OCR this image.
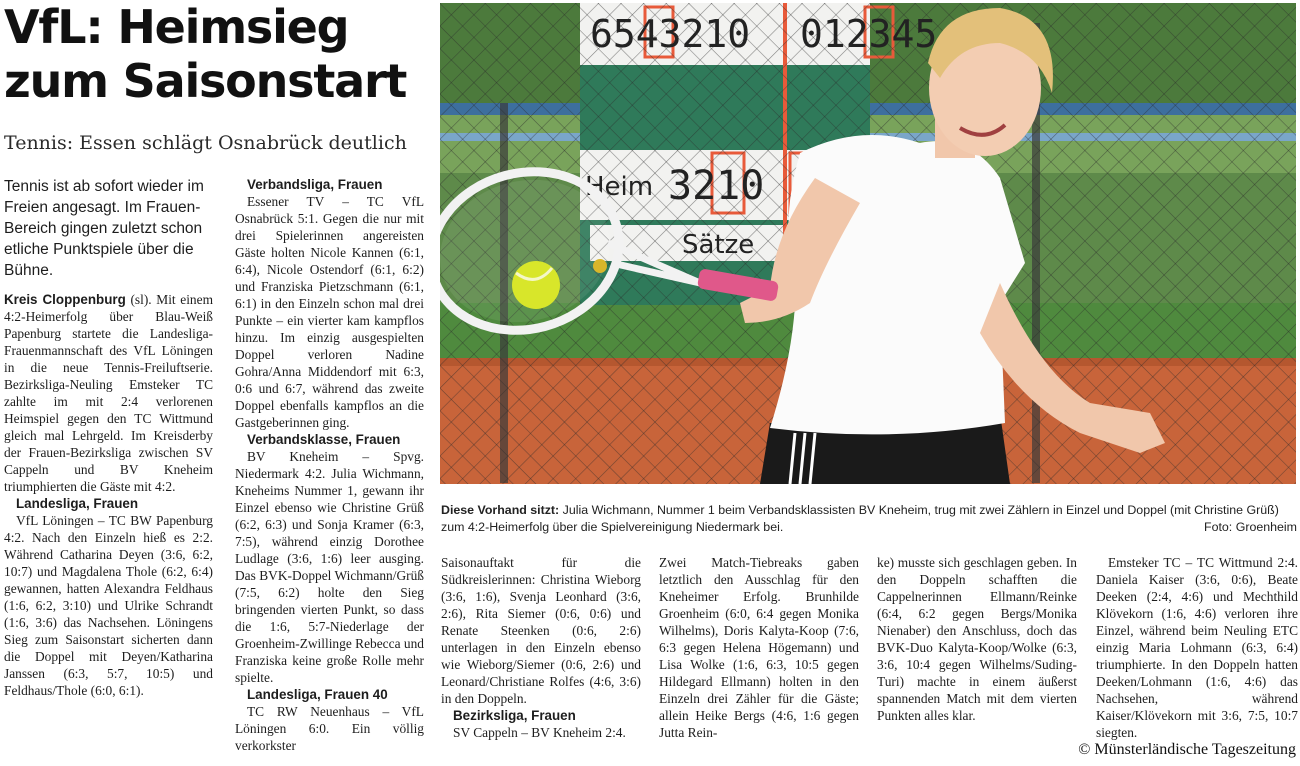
VfL: Heimsieg
zum Saisonstart
Tennis: Essen schlägt Osnabrück deutlich

Tennis ist ab sofort wieder im Freien angesagt. Im Frauen-Bereich gingen zuletzt schon etliche Punktspiele über die Bühne.

Kreis Cloppenburg (sl). Mit einem 4:2-Heimerfolg über Blau-Weiß Papenburg startete die Landesliga-Frauenmannschaft des VfL Löningen in die neue Tennis-Freiluftserie. Bezirksliga-Neuling Emsteker TC zahlte im mit 2:4 verlorenen Heimspiel gegen den TC Wittmund gleich mal Lehrgeld. Im Kreisderby der Frauen-Bezirksliga zwischen SV Cappeln und BV Kneheim triumphierten die Gäste mit 4:2.

Landesliga, Frauen

VfL Löningen – TC BW Papenburg 4:2. Nach den Einzeln hieß es 2:2. Während Catharina Deyen (3:6, 6:2, 10:7) und Magdalena Thole (6:2, 6:4) gewannen, hatten Alexandra Feldhaus (1:6, 6:2, 3:10) und Ulrike Schrandt (1:6, 3:6) das Nachsehen. Löningens Sieg zum Saisonstart sicherten dann die Doppel mit Deyen/Katharina Janssen (6:3, 5:7, 10:5) und Feldhaus/Thole (6:0, 6:1).

Verbandsliga, Frauen

Essener TV – TC VfL Osnabrück 5:1. Gegen die nur mit drei Spielerinnen angereisten Gäste holten Nicole Kannen (6:1, 6:4), Nicole Ostendorf (6:1, 6:2) und Franziska Pietzschmann (6:1, 6:1) in den Einzeln schon mal drei Punkte – ein vierter kam kampflos hinzu. Im einzig ausgespielten Doppel verloren Nadine Gohra/Anna Middendorf mit 6:3, 0:6 und 6:7, während das zweite Doppel ebenfalls kampflos an die Gastgeberinnen ging.

Verbandsklasse, Frauen

BV Kneheim – Spvg. Niedermark 4:2. Julia Wichmann, Kneheims Nummer 1, gewann ihr Einzel ebenso wie Christine Grüß (6:2, 6:3) und Sonja Kramer (6:3, 7:5), während einzig Dorothee Ludlage (3:6, 1:6) leer ausging. Das BVK-Doppel Wichmann/Grüß (7:5, 6:2) holte den Sieg bringenden vierten Punkt, so dass die 1:6, 5:7-Niederlage der Groenheim-Zwillinge Rebecca und Franziska keine große Rolle mehr spielte.

Landesliga, Frauen 40

TC RW Neuenhaus – VfL Löningen 6:0. Ein völlig verkorkster

Diese Vorhand sitzt: Julia Wichmann, Nummer 1 beim Verbandsklassisten BV Kneheim, trug mit zwei Zählern in Einzel und Doppel (mit Christine Grüß) zum 4:2-Heimerfolg über die Spielvereinigung Niedermark bei.	Foto: Groenheim

Saisonauftakt für die Südkreislerinnen: Christina Wieborg (3:6, 1:6), Svenja Leonhard (3:6, 2:6), Rita Siemer (0:6, 0:6) und Renate Steenken (0:6, 2:6) unterlagen in den Einzeln ebenso wie Wieborg/Siemer (0:6, 2:6) und Leonard/Christiane Rolfes (4:6, 3:6) in den Doppeln.

Bezirksliga, Frauen

SV Cappeln – BV Kneheim 2:4.

Zwei Match-Tiebreaks gaben letztlich den Ausschlag für den Kneheimer Erfolg. Brunhilde Groenheim (6:0, 6:4 gegen Monika Wilhelms), Doris Kalyta-Koop (7:6, 6:3 gegen Helena Högemann) und Lisa Wolke (1:6, 6:3, 10:5 gegen Hildegard Ellmann) holten in den Einzeln drei Zähler für die Gäste; allein Heike Bergs (4:6, 1:6 gegen Jutta Rein-

ke) musste sich geschlagen geben. In den Doppeln schafften die Cappelnerinnen Ellmann/Reinke (6:4, 6:2 gegen Bergs/Monika Nienaber) den Anschluss, doch das BVK-Duo Kalyta-Koop/Wolke (6:3, 3:6, 10:4 gegen Wilhelms/Suding-Turi) machte in einem äußerst spannenden Match mit dem vierten Punkten alles klar.

Emsteker TC – TC Wittmund 2:4. Daniela Kaiser (3:6, 0:6), Beate Deeken (2:4, 4:6) und Mechthild Klövekorn (1:6, 4:6) verloren ihre Einzel, während beim Neuling ETC einzig Maria Lohmann (6:3, 6:4) triumphierte. In den Doppeln hatten Deeken/Lohmann (1:6, 4:6) das Nachsehen, während Kaiser/Klövekorn mit 3:6, 7:5, 10:7 siegten.

© Münsterländische Tageszeitung
